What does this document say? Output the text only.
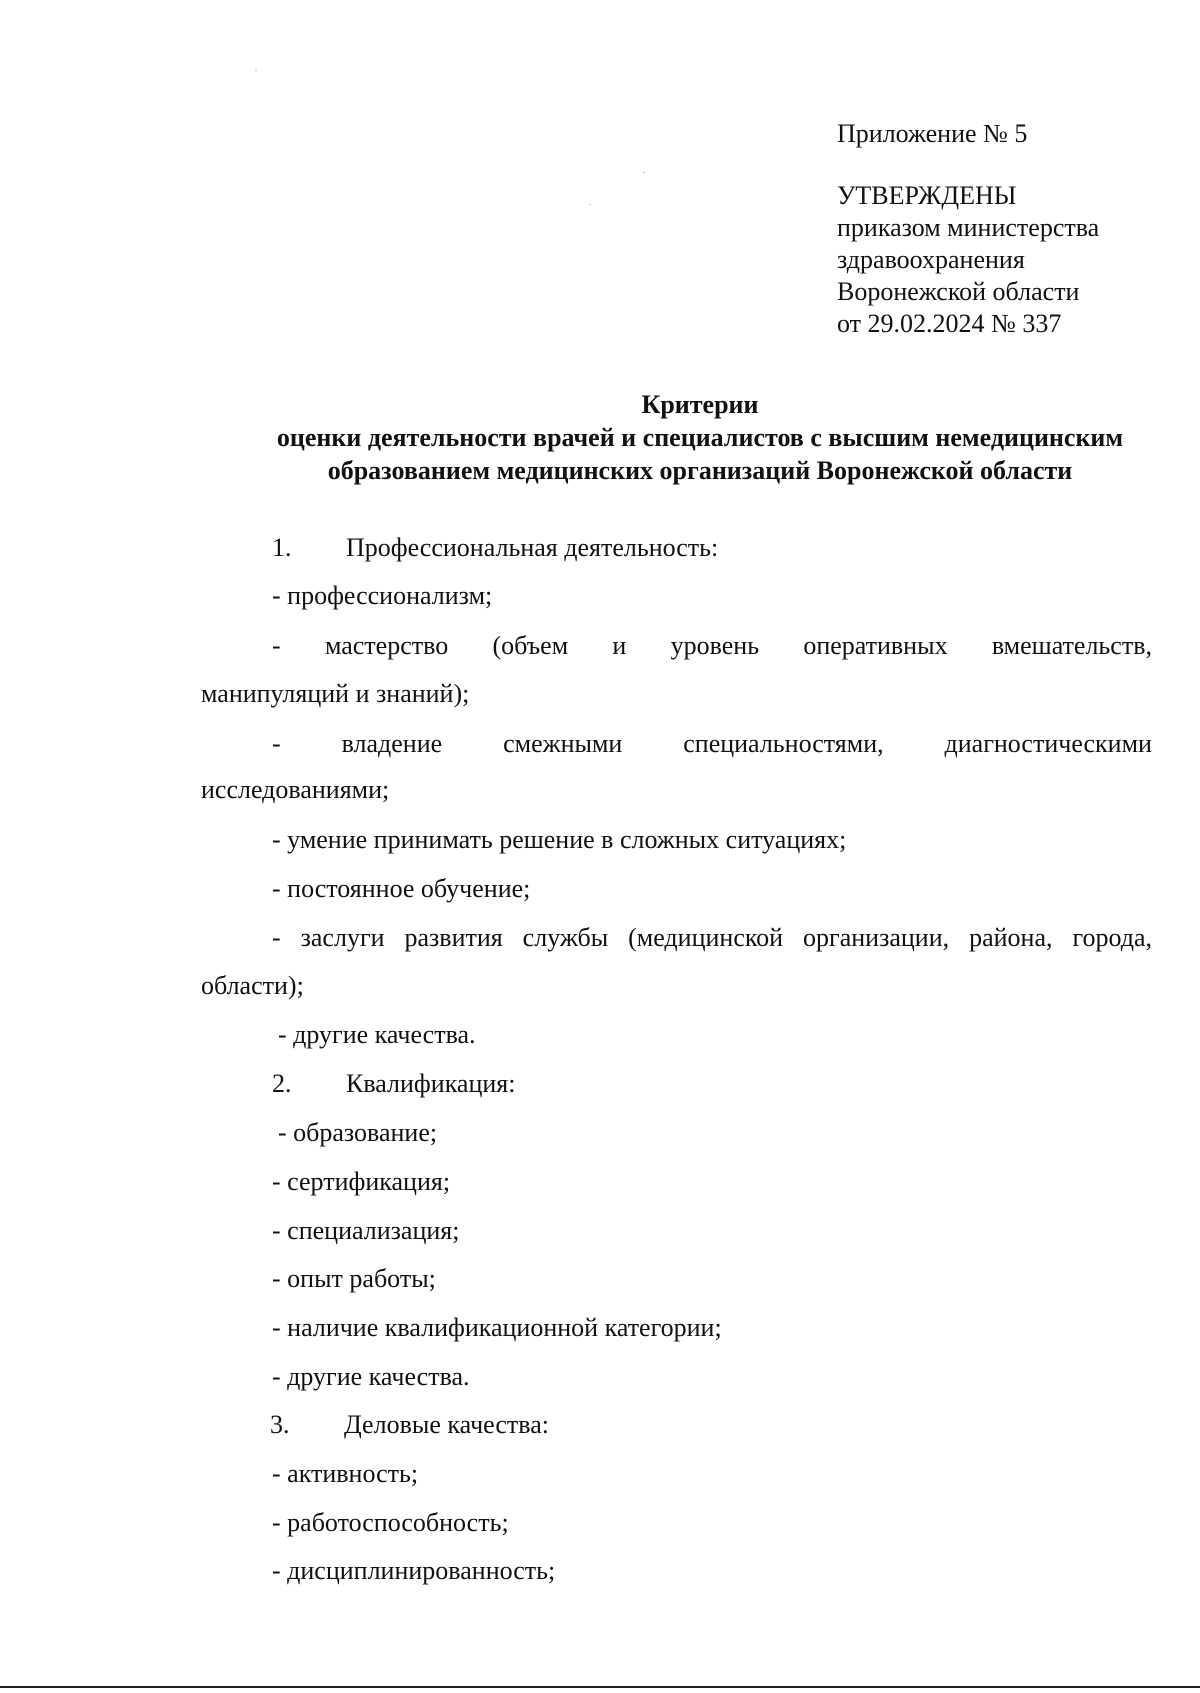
Приложение № 5
УТВЕРЖДЕНЫ
приказом министерства
здравоохранения
Воронежской области
от 29.02.2024 № 337
Критерии
оценки деятельности врачей и специалистов с высшим немедицинским
образованием медицинских организаций Воронежской области
1. Профессиональная деятельность:
- профессионализм;
- мастерство (объем и уровень оперативных вмешательств,
манипуляций и знаний);
- владение смежными специальностями, диагностическими
исследованиями;
- умение принимать решение в сложных ситуациях;
- постоянное обучение;
- заслуги развития службы (медицинской организации, района, города,
области);
- другие качества.
2. Квалификация:
- образование;
- сертификация;
- специализация;
- опыт работы;
- наличие квалификационной категории;
- другие качества.
3. Деловые качества:
- активность;
- работоспособность;
- дисциплинированность;
